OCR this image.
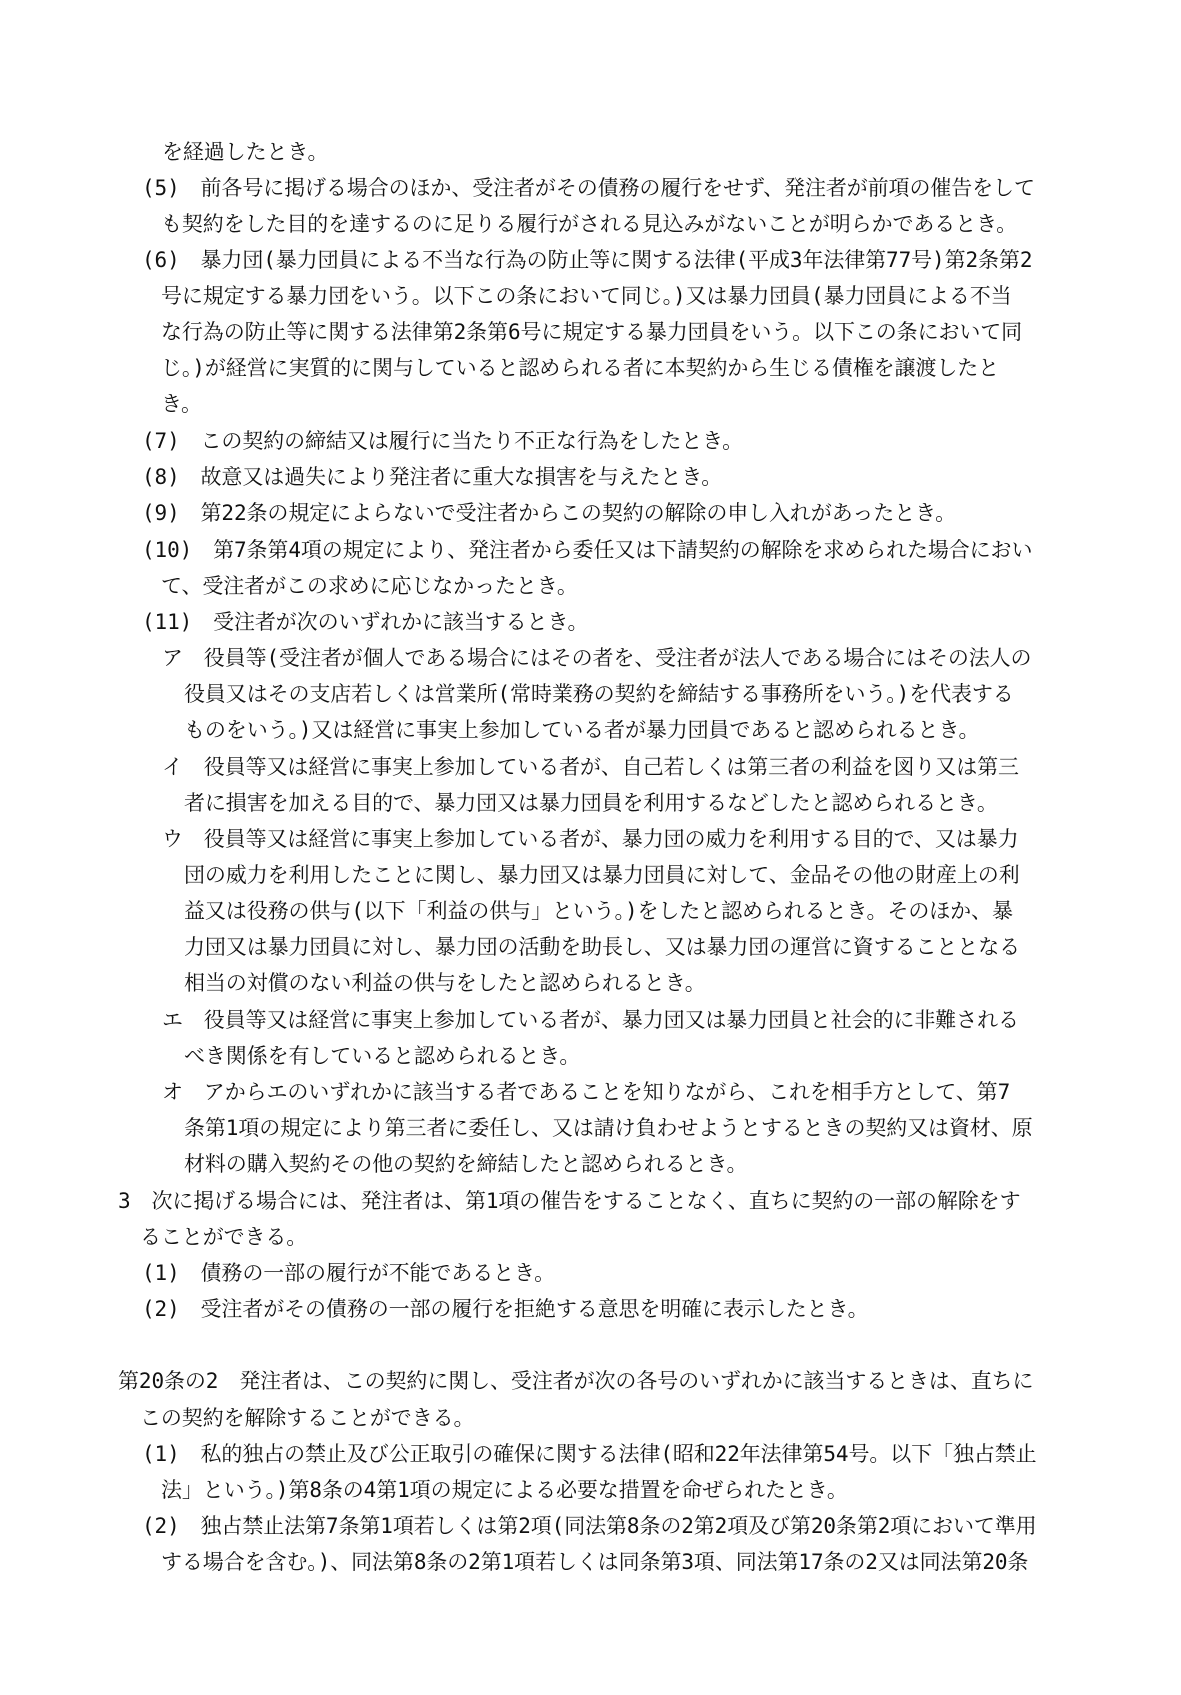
を経過したとき。
(5)　前各号に掲げる場合のほか、受注者がその債務の履行をせず、発注者が前項の催告をして
も契約をした目的を達するのに足りる履行がされる見込みがないことが明らかであるとき。
(6)　暴力団(暴力団員による不当な行為の防止等に関する法律(平成3年法律第77号)第2条第2
号に規定する暴力団をいう。以下この条において同じ。)又は暴力団員(暴力団員による不当
な行為の防止等に関する法律第2条第6号に規定する暴力団員をいう。以下この条において同
じ。)が経営に実質的に関与していると認められる者に本契約から生じる債権を譲渡したと
き。
(7)　この契約の締結又は履行に当たり不正な行為をしたとき。
(8)　故意又は過失により発注者に重大な損害を与えたとき。
(9)　第22条の規定によらないで受注者からこの契約の解除の申し入れがあったとき。
(10)　第7条第4項の規定により、発注者から委任又は下請契約の解除を求められた場合におい
て、受注者がこの求めに応じなかったとき。
(11)　受注者が次のいずれかに該当するとき。
ア　役員等(受注者が個人である場合にはその者を、受注者が法人である場合にはその法人の
役員又はその支店若しくは営業所(常時業務の契約を締結する事務所をいう。)を代表する
ものをいう。)又は経営に事実上参加している者が暴力団員であると認められるとき。
イ　役員等又は経営に事実上参加している者が、自己若しくは第三者の利益を図り又は第三
者に損害を加える目的で、暴力団又は暴力団員を利用するなどしたと認められるとき。
ウ　役員等又は経営に事実上参加している者が、暴力団の威力を利用する目的で、又は暴力
団の威力を利用したことに関し、暴力団又は暴力団員に対して、金品その他の財産上の利
益又は役務の供与(以下「利益の供与」という。)をしたと認められるとき。そのほか、暴
力団又は暴力団員に対し、暴力団の活動を助長し、又は暴力団の運営に資することとなる
相当の対償のない利益の供与をしたと認められるとき。
エ　役員等又は経営に事実上参加している者が、暴力団又は暴力団員と社会的に非難される
べき関係を有していると認められるとき。
オ　アからエのいずれかに該当する者であることを知りながら、これを相手方として、第7
条第1項の規定により第三者に委任し、又は請け負わせようとするときの契約又は資材、原
材料の購入契約その他の契約を締結したと認められるとき。
3　次に掲げる場合には、発注者は、第1項の催告をすることなく、直ちに契約の一部の解除をす
ることができる。
(1)　債務の一部の履行が不能であるとき。
(2)　受注者がその債務の一部の履行を拒絶する意思を明確に表示したとき。
第20条の2　発注者は、この契約に関し、受注者が次の各号のいずれかに該当するときは、直ちに
この契約を解除することができる。
(1)　私的独占の禁止及び公正取引の確保に関する法律(昭和22年法律第54号。以下「独占禁止
法」という。)第8条の4第1項の規定による必要な措置を命ぜられたとき。
(2)　独占禁止法第7条第1項若しくは第2項(同法第8条の2第2項及び第20条第2項において準用
する場合を含む。)、同法第8条の2第1項若しくは同条第3項、同法第17条の2又は同法第20条
